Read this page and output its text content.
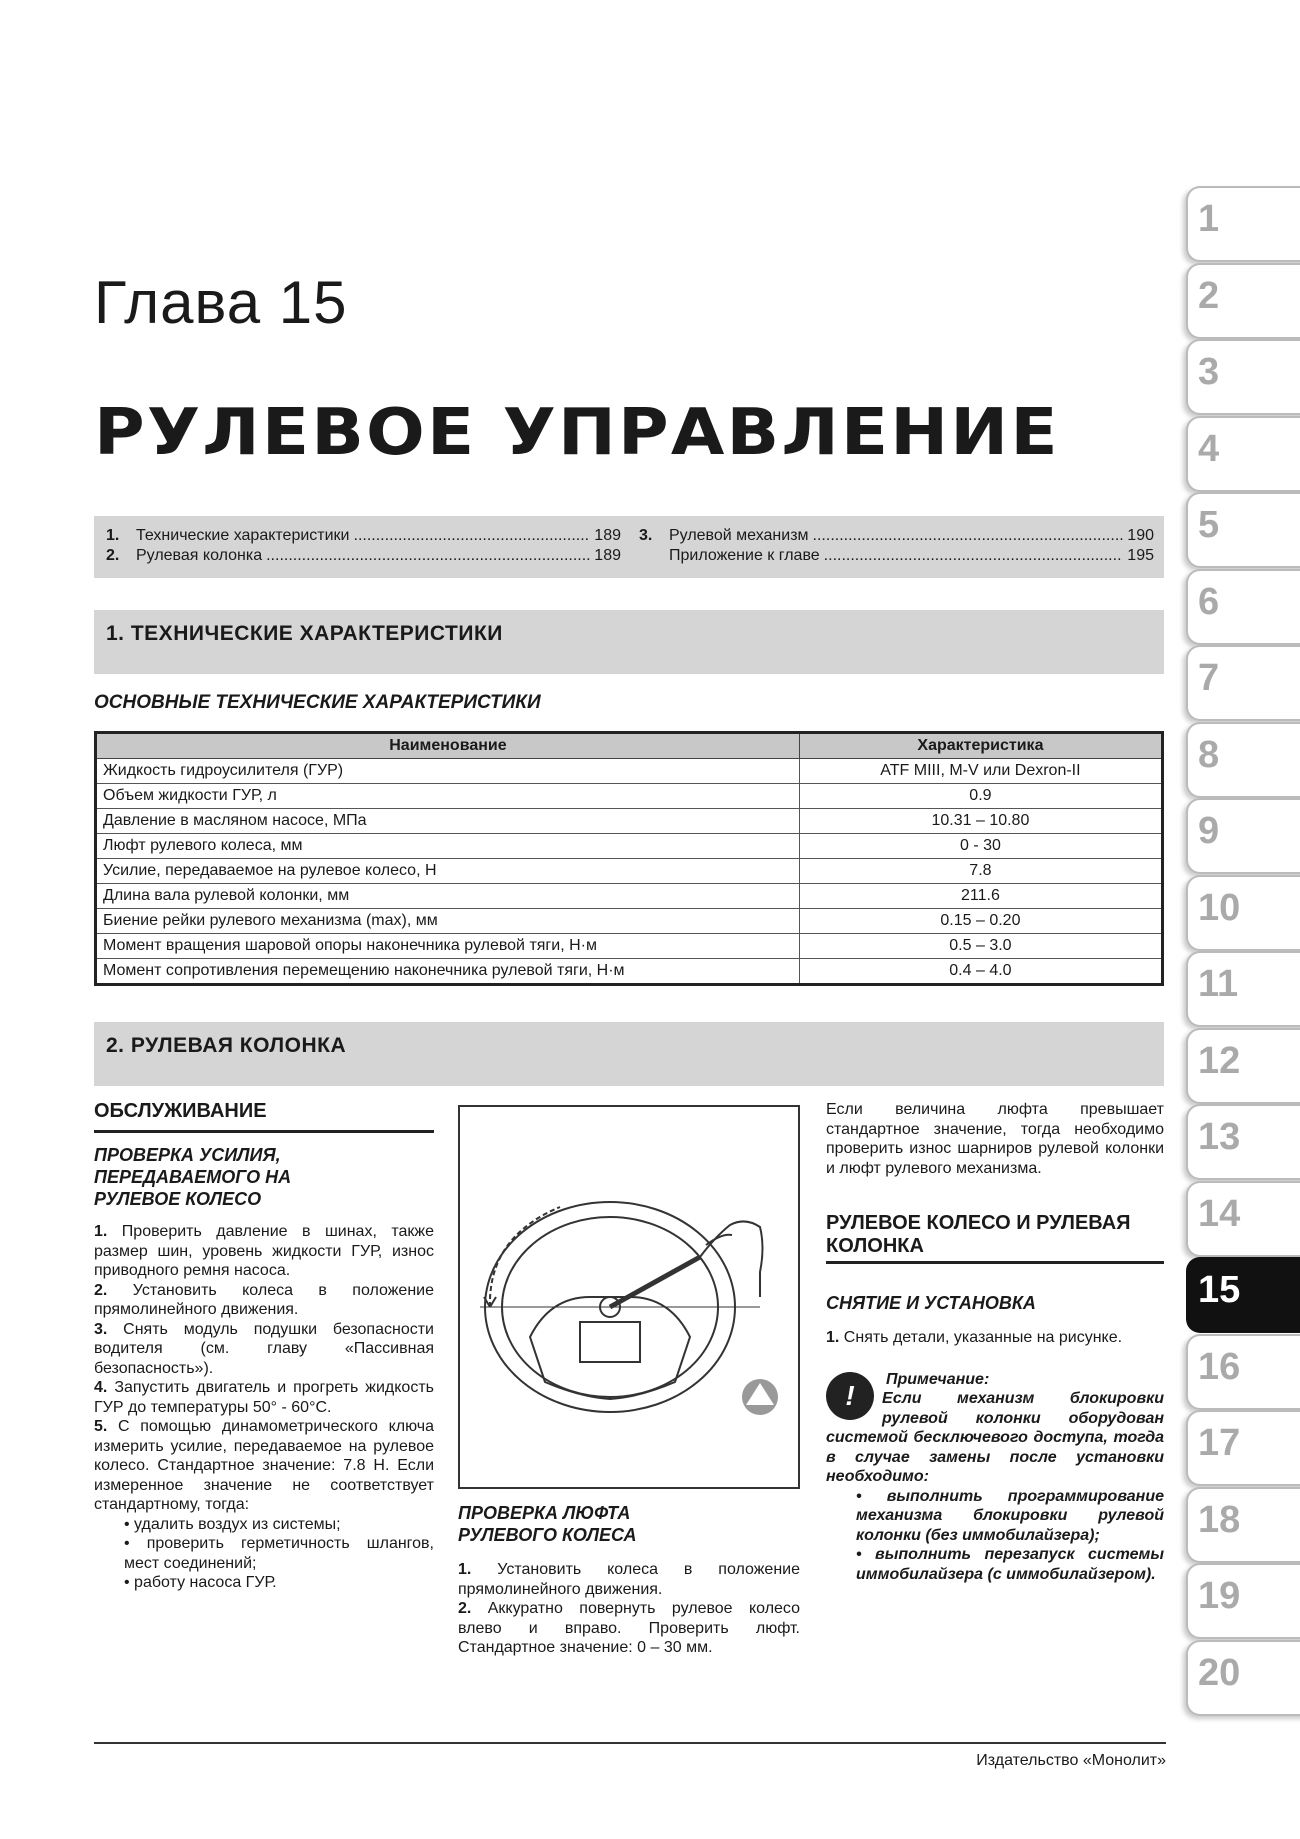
Глава 15
РУЛЕВОЕ УПРАВЛЕНИЕ
1.	Технические характеристики .....	189
2.	Рулевая колонка .....	189
3.	Рулевой механизм .....	190
Приложение к главе .....	195
1. ТЕХНИЧЕСКИЕ ХАРАКТЕРИСТИКИ
ОСНОВНЫЕ ТЕХНИЧЕСКИЕ ХАРАКТЕРИСТИКИ
Наименование	Характеристика
Жидкость гидроусилителя (ГУР)	ATF MIII, M-V или Dexron-II
Объем жидкости ГУР, л	0.9
Давление в масляном насосе, МПа	10.31 – 10.80
Люфт рулевого колеса, мм	0 - 30
Усилие, передаваемое на рулевое колесо, Н	7.8
Длина вала рулевой колонки, мм	211.6
Биение рейки рулевого механизма (max), мм	0.15 – 0.20
Момент вращения шаровой опоры наконечника рулевой тяги, Н·м	0.5 – 3.0
Момент сопротивления перемещению наконечника рулевой тяги, Н·м	0.4 – 4.0
2. РУЛЕВАЯ КОЛОНКА
ОБСЛУЖИВАНИЕ
ПРОВЕРКА УСИЛИЯ, ПЕРЕДАВАЕМОГО НА РУЛЕВОЕ КОЛЕСО

1. Проверить давление в шинах, также размер шин, уровень жидкости ГУР, износ приводного ремня насоса.

2. Установить колеса в положение прямолинейного движения.

3. Снять модуль подушки безопасности водителя (см. главу «Пассивная безопасность»).

4. Запустить двигатель и прогреть жидкость ГУР до температуры 50° - 60°С.

5. С помощью динамометрического ключа измерить усилие, передаваемое на рулевое колесо. Стандартное значение: 7.8 Н. Если измеренное значение не соответствует стандартному, тогда:

• удалить воздух из системы;

• проверить герметичность шлангов, мест соединений;

• работу насоса ГУР.

ПРОВЕРКА ЛЮФТА РУЛЕВОГО КОЛЕСА

1. Установить колеса в положение прямолинейного движения.

2. Аккуратно повернуть рулевое колесо влево и вправо. Проверить люфт. Стандартное значение: 0 – 30 мм.

Если величина люфта превышает стандартное значение, тогда необходимо проверить износ шарниров рулевой колонки и люфт рулевого механизма.
РУЛЕВОЕ КОЛЕСО И РУЛЕВАЯ КОЛОНКА
СНЯТИЕ И УСТАНОВКА

1. Снять детали, указанные на рисунке.

!

Примечание:

Если механизм блокировки рулевой колонки оборудован системой бесключевого доступа, тогда в случае замены после установки необходимо:

• выполнить программирование механизма блокировки рулевой колонки (без иммобилайзера);

• выполнить перезапуск системы иммобилайзера (с иммобилайзером).

1
2
3
4
5
6
7
8
9
10
11
12
13
14
15
16
17
18
19
20
Издательство «Монолит»
